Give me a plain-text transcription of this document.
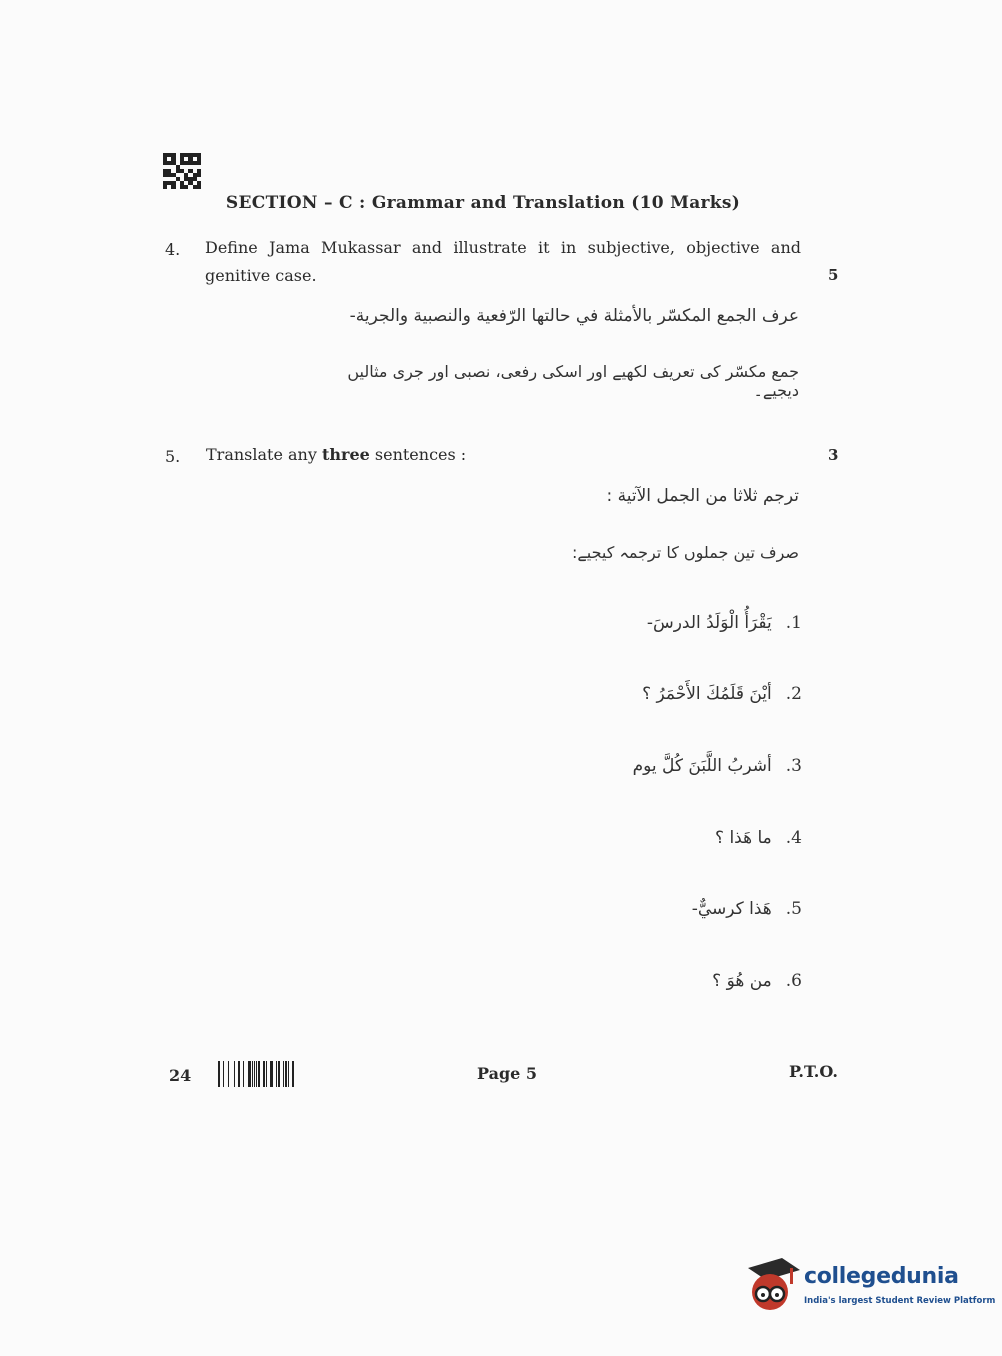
SECTION – C : Grammar and Translation (10 Marks)
4. Define Jama Mukassar and illustrate it in subjective, objective and
genitive case.	5
عرف الجمع المكسّر بالأمثلة في حالتها الرّفعية والنصبية والجرية-
جمع مکسّر کی تعریف لکھیے اور اسکی رفعی، نصبی اور جری مثالیں دیجیے۔
5. Translate any three sentences :	3
ترجم ثلاثا من الجمل الآتية :
صرف تین جملوں کا ترجمہ کیجیے:
1.يَقْرَأُ الْوَلَدُ الدرسَ-
2.أيْنَ قَلَمُكَ الأَحْمَرُ ؟
3.أشربُ اللَّبَنَ كُلَّ يوم
4.ما هَذا ؟
5.هَذا كرسيٌّ-
6.من هُوَ ؟
24	Page 5	P.T.O.
collegedunia
India's largest Student Review Platform
